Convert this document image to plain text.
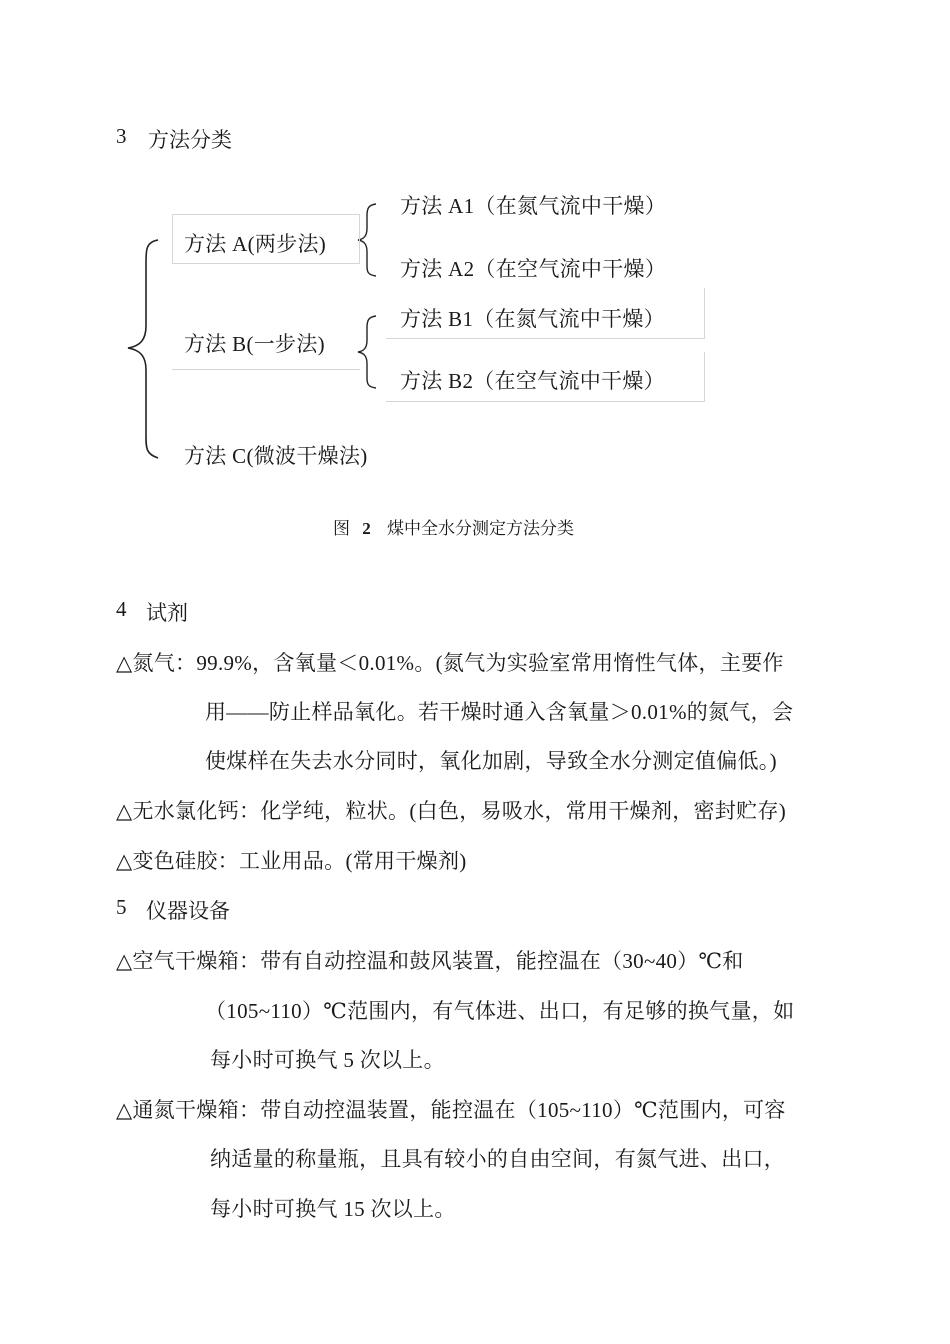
3 方法分类
方法 A(两步法)
方法 A1（在氮气流中干燥）
方法 A2（在空气流中干燥）
方法 B(一步法)
方法 B1（在氮气流中干燥）
方法 B2（在空气流中干燥）
方法 C(微波干燥法)
图 2 煤中全水分测定方法分类
4 试剂
△氮气：99.9%，含氧量＜0.01%。(氮气为实验室常用惰性气体，主要作
用——防止样品氧化。若干燥时通入含氧量＞0.01%的氮气，会
使煤样在失去水分同时，氧化加剧，导致全水分测定值偏低。)
△无水氯化钙：化学纯，粒状。(白色，易吸水，常用干燥剂，密封贮存)
△变色硅胶：工业用品。(常用干燥剂)
5 仪器设备
△空气干燥箱：带有自动控温和鼓风装置，能控温在（30~40）℃和
（105~110）℃范围内，有气体进、出口，有足够的换气量，如
每小时可换气 5 次以上。
△通氮干燥箱：带自动控温装置，能控温在（105~110）℃范围内，可容
纳适量的称量瓶，且具有较小的自由空间，有氮气进、出口，
每小时可换气 15 次以上。
